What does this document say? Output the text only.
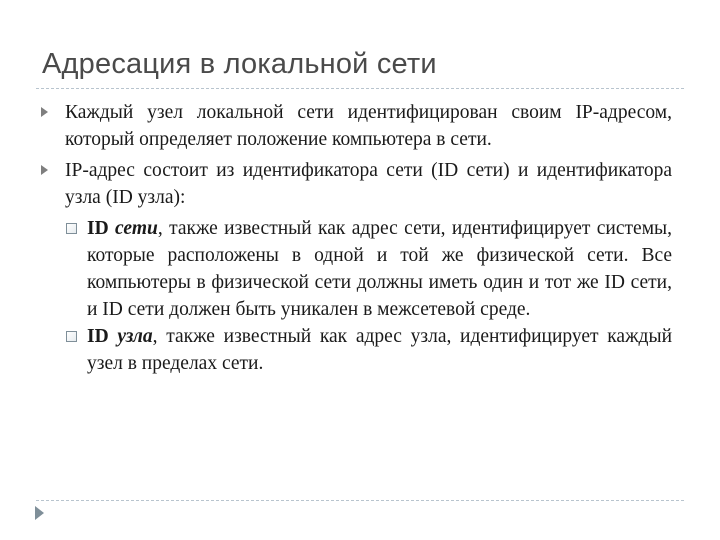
Адресация в локальной сети
Каждый узел локальной сети идентифицирован своим IP-адресом, который определяет положение компьютера в сети.
IP-адрес состоит из идентификатора сети (ID сети) и идентификатора узла (ID узла):
ID сети, также известный как адрес сети, идентифицирует системы, которые расположены в одной и той же физической сети. Все компьютеры в физической сети должны иметь один и тот же ID сети, и ID сети должен быть уникален в межсетевой среде.
ID узла, также известный как адрес узла, идентифицирует каждый узел в пределах сети.
